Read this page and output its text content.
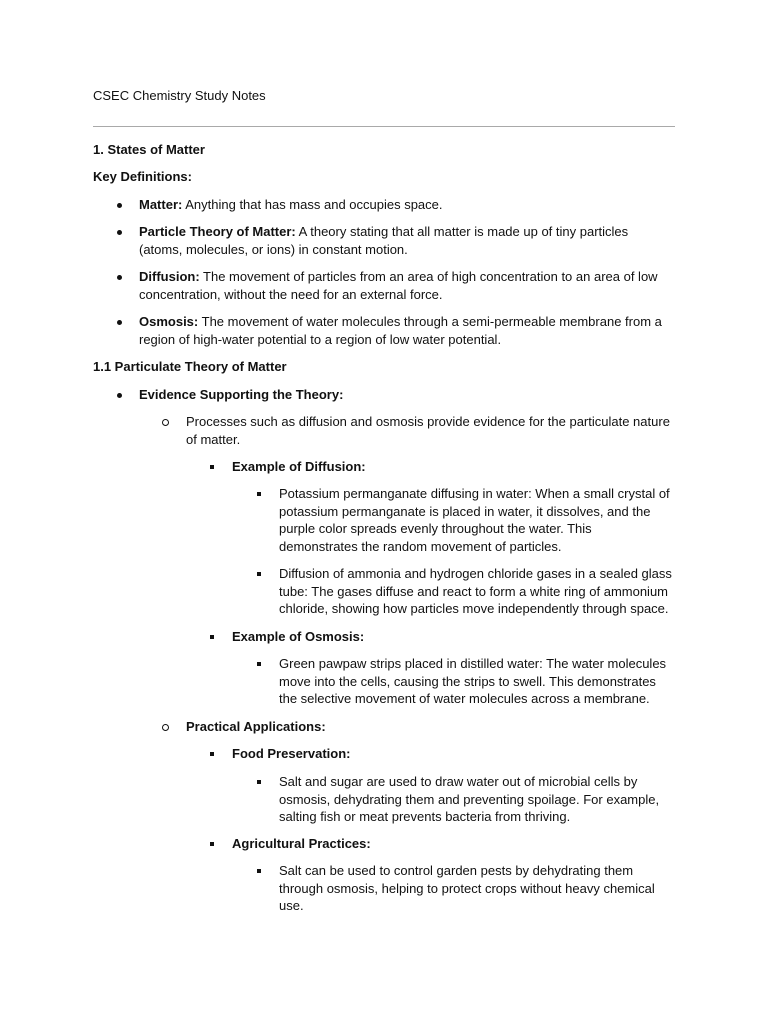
CSEC Chemistry Study Notes
1. States of Matter
Key Definitions:
Matter: Anything that has mass and occupies space.
Particle Theory of Matter: A theory stating that all matter is made up of tiny particles (atoms, molecules, or ions) in constant motion.
Diffusion: The movement of particles from an area of high concentration to an area of low concentration, without the need for an external force.
Osmosis: The movement of water molecules through a semi-permeable membrane from a region of high-water potential to a region of low water potential.
1.1 Particulate Theory of Matter
Evidence Supporting the Theory:
Processes such as diffusion and osmosis provide evidence for the particulate nature of matter.
Example of Diffusion:
Potassium permanganate diffusing in water: When a small crystal of potassium permanganate is placed in water, it dissolves, and the purple color spreads evenly throughout the water. This demonstrates the random movement of particles.
Diffusion of ammonia and hydrogen chloride gases in a sealed glass tube: The gases diffuse and react to form a white ring of ammonium chloride, showing how particles move independently through space.
Example of Osmosis:
Green pawpaw strips placed in distilled water: The water molecules move into the cells, causing the strips to swell. This demonstrates the selective movement of water molecules across a membrane.
Practical Applications:
Food Preservation:
Salt and sugar are used to draw water out of microbial cells by osmosis, dehydrating them and preventing spoilage. For example, salting fish or meat prevents bacteria from thriving.
Agricultural Practices:
Salt can be used to control garden pests by dehydrating them through osmosis, helping to protect crops without heavy chemical use.
